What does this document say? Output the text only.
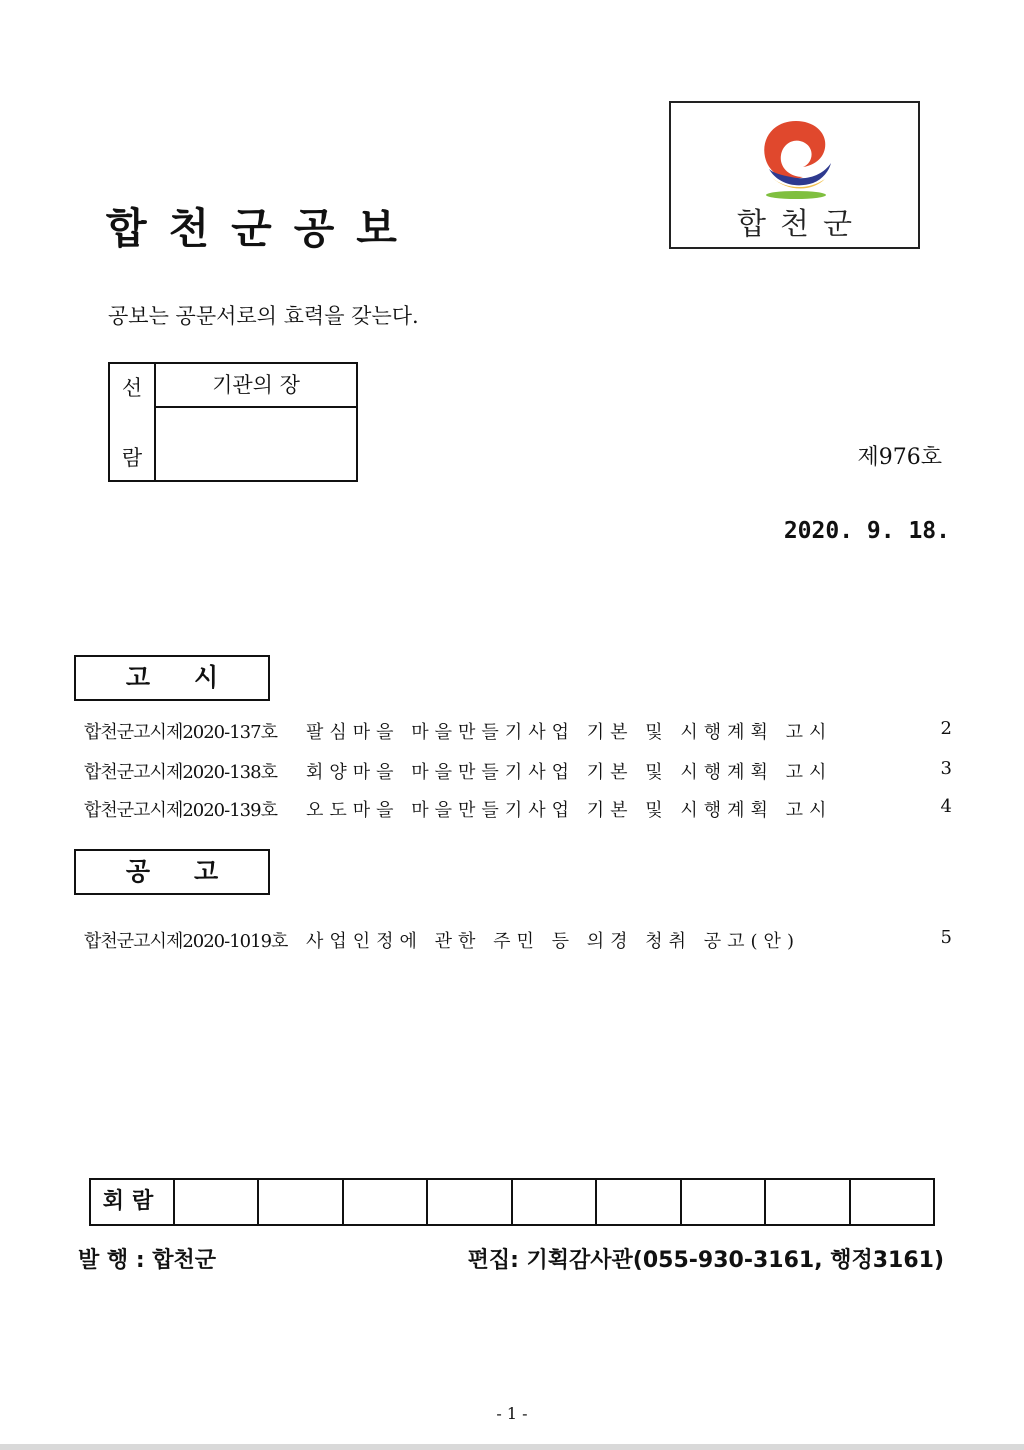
합천군공보	합천군
공보는 공문서로의 효력을 갖는다.
선
람
기관의 장
제976호
2020. 9. 18.
고시
합천군고시제2020-137호 팔심마을 마을만들기사업 기본 및 시행계획 고시	2
합천군고시제2020-138호 회양마을 마을만들기사업 기본 및 시행계획 고시	3
합천군고시제2020-139호 오도마을 마을만들기사업 기본 및 시행계획 고시	4
공고
합천군고시제2020-1019호 사업인정에 관한 주민 등 의경 청취 공고(안)	5
회람
발 행 : 합천군	편집: 기획감사관(055-930-3161, 행정3161)
- 1 -
